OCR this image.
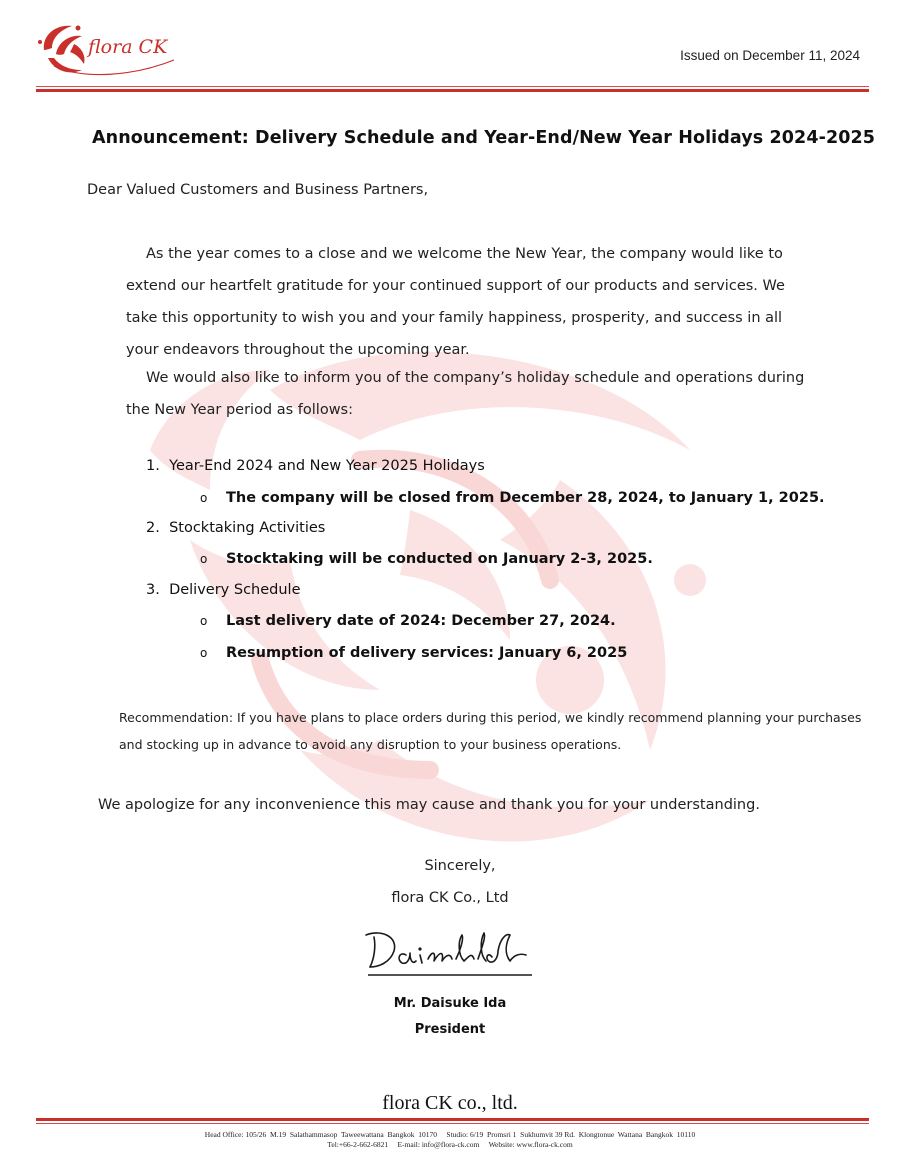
flora CK	Issued on December 11, 2024
Announcement: Delivery Schedule and Year-End/New Year Holidays 2024-2025
Dear Valued Customers and Business Partners,
As the year comes to a close and we welcome the New Year, the company would like to extend our heartfelt gratitude for your continued support of our products and services. We take this opportunity to wish you and your family happiness, prosperity, and success in all your endeavors throughout the upcoming year.
We would also like to inform you of the company’s holiday schedule and operations during the New Year period as follows:
1. Year-End 2024 and New Year 2025 Holidays
o The company will be closed from December 28, 2024, to January 1, 2025.
2. Stocktaking Activities
o Stocktaking will be conducted on January 2-3, 2025.
3. Delivery Schedule
o Last delivery date of 2024: December 27, 2024.
o Resumption of delivery services: January 6, 2025
Recommendation: If you have plans to place orders during this period, we kindly recommend planning your purchases and stocking up in advance to avoid any disruption to your business operations.
We apologize for any inconvenience this may cause and thank you for your understanding.
Sincerely,
flora CK Co., Ltd
Mr. Daisuke Ida
President
flora CK co., ltd.
Head Office: 105/26  M.19  Salathammasop  Taweewattana  Bangkok  10170     Studio: 6/19  Promsri 1  Sukhumvit 39 Rd.  Klongtonue  Wattana  Bangkok  10110
Tel:+66-2-662-6821     E-mail: info@flora-ck.com     Website: www.flora-ck.com
